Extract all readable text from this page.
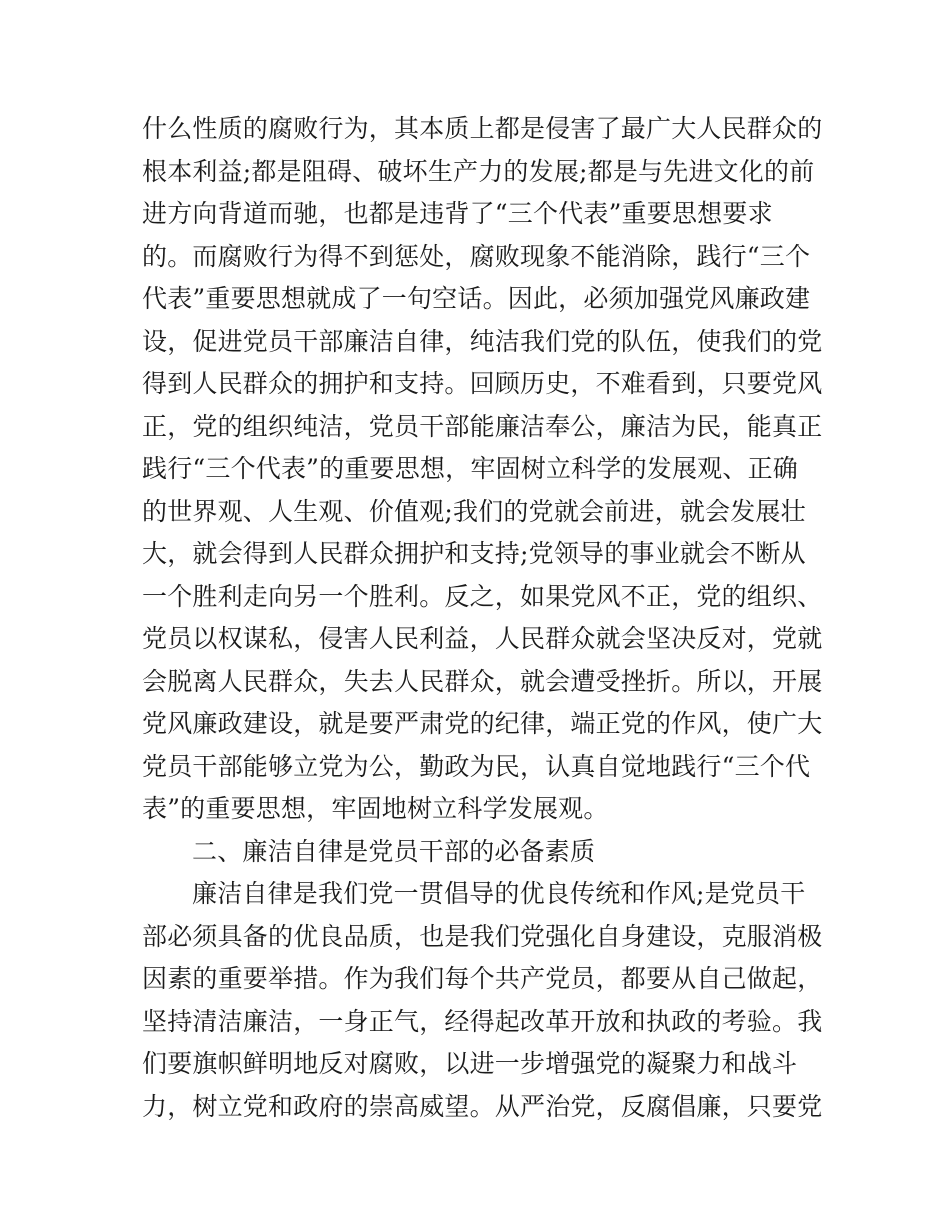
什么性质的腐败行为，其本质上都是侵害了最广大人民群众的
根本利益;都是阻碍、破坏生产力的发展;都是与先进文化的前
进方向背道而驰，也都是违背了“三个代表”重要思想要求
的。而腐败行为得不到惩处，腐败现象不能消除，践行“三个
代表”重要思想就成了一句空话。因此，必须加强党风廉政建
设，促进党员干部廉洁自律，纯洁我们党的队伍，使我们的党
得到人民群众的拥护和支持。回顾历史，不难看到，只要党风
正，党的组织纯洁，党员干部能廉洁奉公，廉洁为民，能真正
践行“三个代表”的重要思想，牢固树立科学的发展观、正确
的世界观、人生观、价值观;我们的党就会前进，就会发展壮
大，就会得到人民群众拥护和支持;党领导的事业就会不断从
一个胜利走向另一个胜利。反之，如果党风不正，党的组织、
党员以权谋私，侵害人民利益，人民群众就会坚决反对，党就
会脱离人民群众，失去人民群众，就会遭受挫折。所以，开展
党风廉政建设，就是要严肃党的纪律，端正党的作风，使广大
党员干部能够立党为公，勤政为民，认真自觉地践行“三个代
表”的重要思想，牢固地树立科学发展观。
二、廉洁自律是党员干部的必备素质
廉洁自律是我们党一贯倡导的优良传统和作风;是党员干
部必须具备的优良品质，也是我们党强化自身建设，克服消极
因素的重要举措。作为我们每个共产党员，都要从自己做起，
坚持清洁廉洁，一身正气，经得起改革开放和执政的考验。我
们要旗帜鲜明地反对腐败，以进一步增强党的凝聚力和战斗
力，树立党和政府的崇高威望。从严治党，反腐倡廉，只要党
